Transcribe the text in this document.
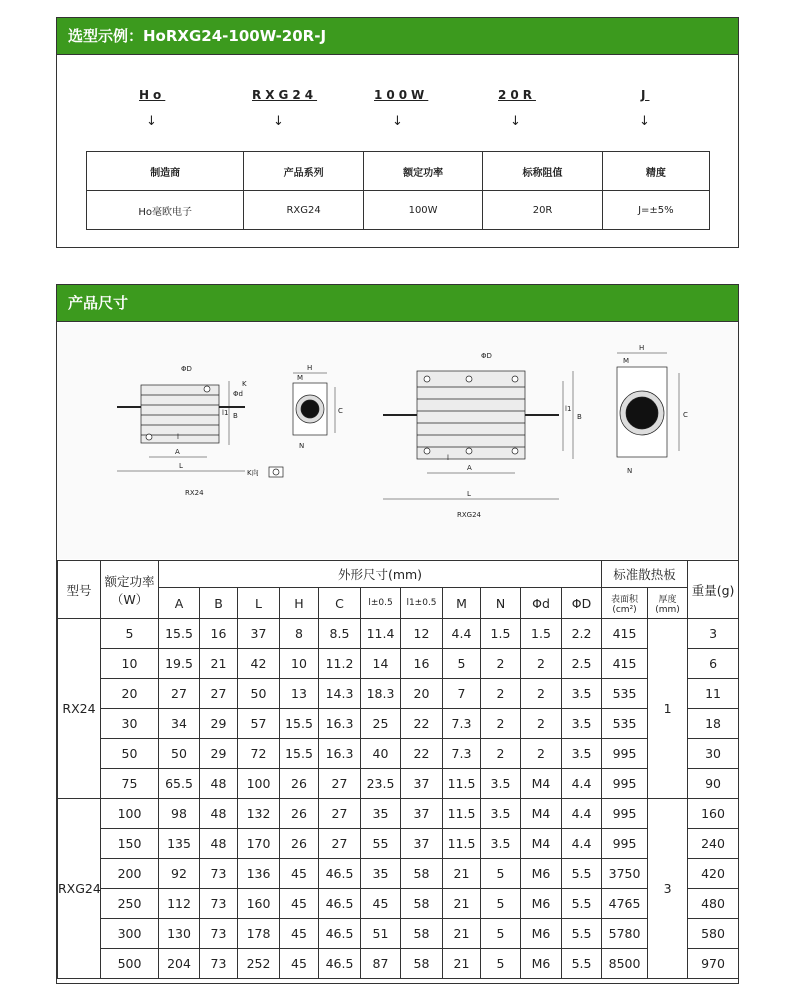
选型示例：HoRXG24-100W-20R-J
Ho	RXG24	100W	20R	J
↓	↓	↓	↓	↓
制造商	产品系列	额定功率	标称阻值	精度
Ho毫欧电子	RXG24	100W	20R	J=±5%
产品尺寸
B
l1
A
L
l
ΦD
Φd
K
K向
RX24
H
M
C
N
A
L
B
l1
l
ΦD
RXG24
H
M
C
N
型号	额定功率（W）	外形尺寸(mm)											标准散热板		重量(g)
		A	B	L	H	C	l±0.5	l1±0.5	M	N	Φd	ΦD	表面积(cm²)	厚度(mm)	
RX24	5	15.5	16	37	8	8.5	11.4	12	4.4	1.5	1.5	2.2	415	1	3
	10	19.5	21	42	10	11.2	14	16	5	2	2	2.5	415		6
	20	27	27	50	13	14.3	18.3	20	7	2	2	3.5	535		11
	30	34	29	57	15.5	16.3	25	22	7.3	2	2	3.5	535		18
	50	50	29	72	15.5	16.3	40	22	7.3	2	2	3.5	995		30
	75	65.5	48	100	26	27	23.5	37	11.5	3.5	M4	4.4	995		90
RXG24	100	98	48	132	26	27	35	37	11.5	3.5	M4	4.4	995	3	160
	150	135	48	170	26	27	55	37	11.5	3.5	M4	4.4	995		240
	200	92	73	136	45	46.5	35	58	21	5	M6	5.5	3750		420
	250	112	73	160	45	46.5	45	58	21	5	M6	5.5	4765		480
	300	130	73	178	45	46.5	51	58	21	5	M6	5.5	5780		580
	500	204	73	252	45	46.5	87	58	21	5	M6	5.5	8500		970
